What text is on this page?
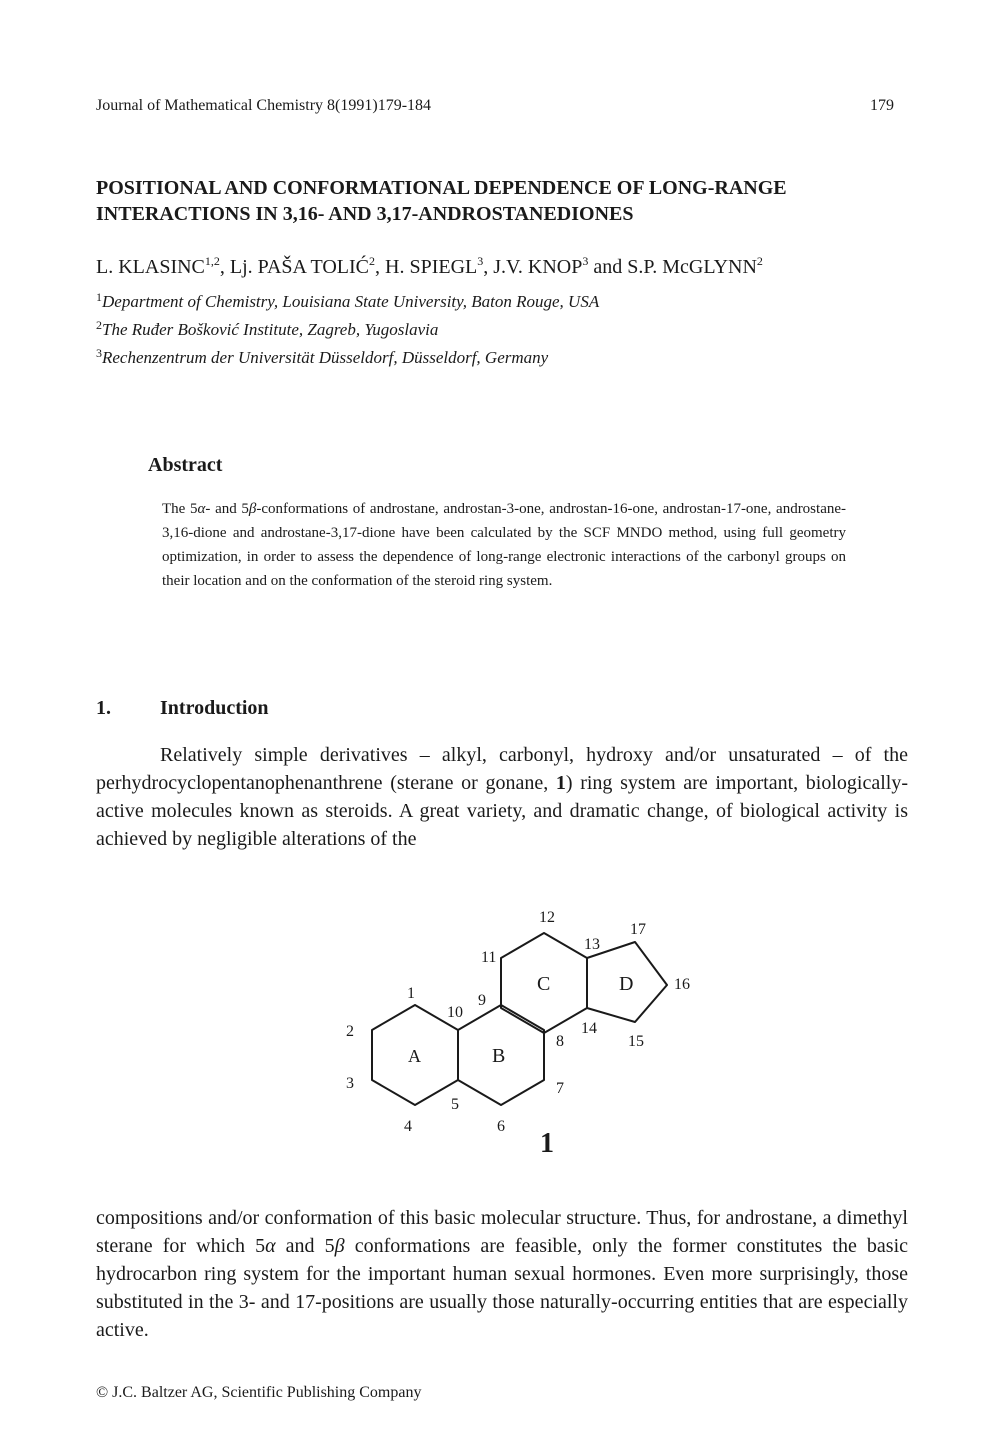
Journal of Mathematical Chemistry 8(1991)179-184	179
POSITIONAL AND CONFORMATIONAL DEPENDENCE OF LONG-RANGE
INTERACTIONS IN 3,16- AND 3,17-ANDROSTANEDIONES
L. KLASINC$^{1,2}$, Lj. PAŠA TOLIĆ$^2$, H. SPIEGL$^3$, J.V. KNOP$^3$ and S.P. McGLYNN$^2$
$^1$Department of Chemistry, Louisiana State University, Baton Rouge, USA
$^2$The Ruđer Bošković Institute, Zagreb, Yugoslavia
$^3$Rechenzentrum der Universität Düsseldorf, Düsseldorf, Germany
Abstract
The 5α- and 5β-conformations of androstane, androstan-3-one, androstan-16-one, androstan-17-one, androstane-3,16-dione and androstane-3,17-dione have been calculated by the SCF MNDO method, using full geometry optimization, in order to assess the dependence of long-range electronic interactions of the carbonyl groups on their location and on the conformation of the steroid ring system.
1. Introduction
Relatively simple derivatives – alkyl, carbonyl, hydroxy and/or unsaturated – of the perhydrocyclopentanophenanthrene (sterane or gonane, 1) ring system are important, biologically-active molecules known as steroids. A great variety, and dramatic change, of biological activity is achieved by negligible alterations of the
1
2
3
4
5
6
7
8
9
10
11
12
13
14
15
16
17
A	B
C	D
1
compositions and/or conformation of this basic molecular structure. Thus, for androstane, a dimethyl sterane for which 5α and 5β conformations are feasible, only the former constitutes the basic hydrocarbon ring system for the important human sexual hormones. Even more surprisingly, those substituted in the 3- and 17-positions are usually those naturally-occurring entities that are especially active.
© J.C. Baltzer AG, Scientific Publishing Company
